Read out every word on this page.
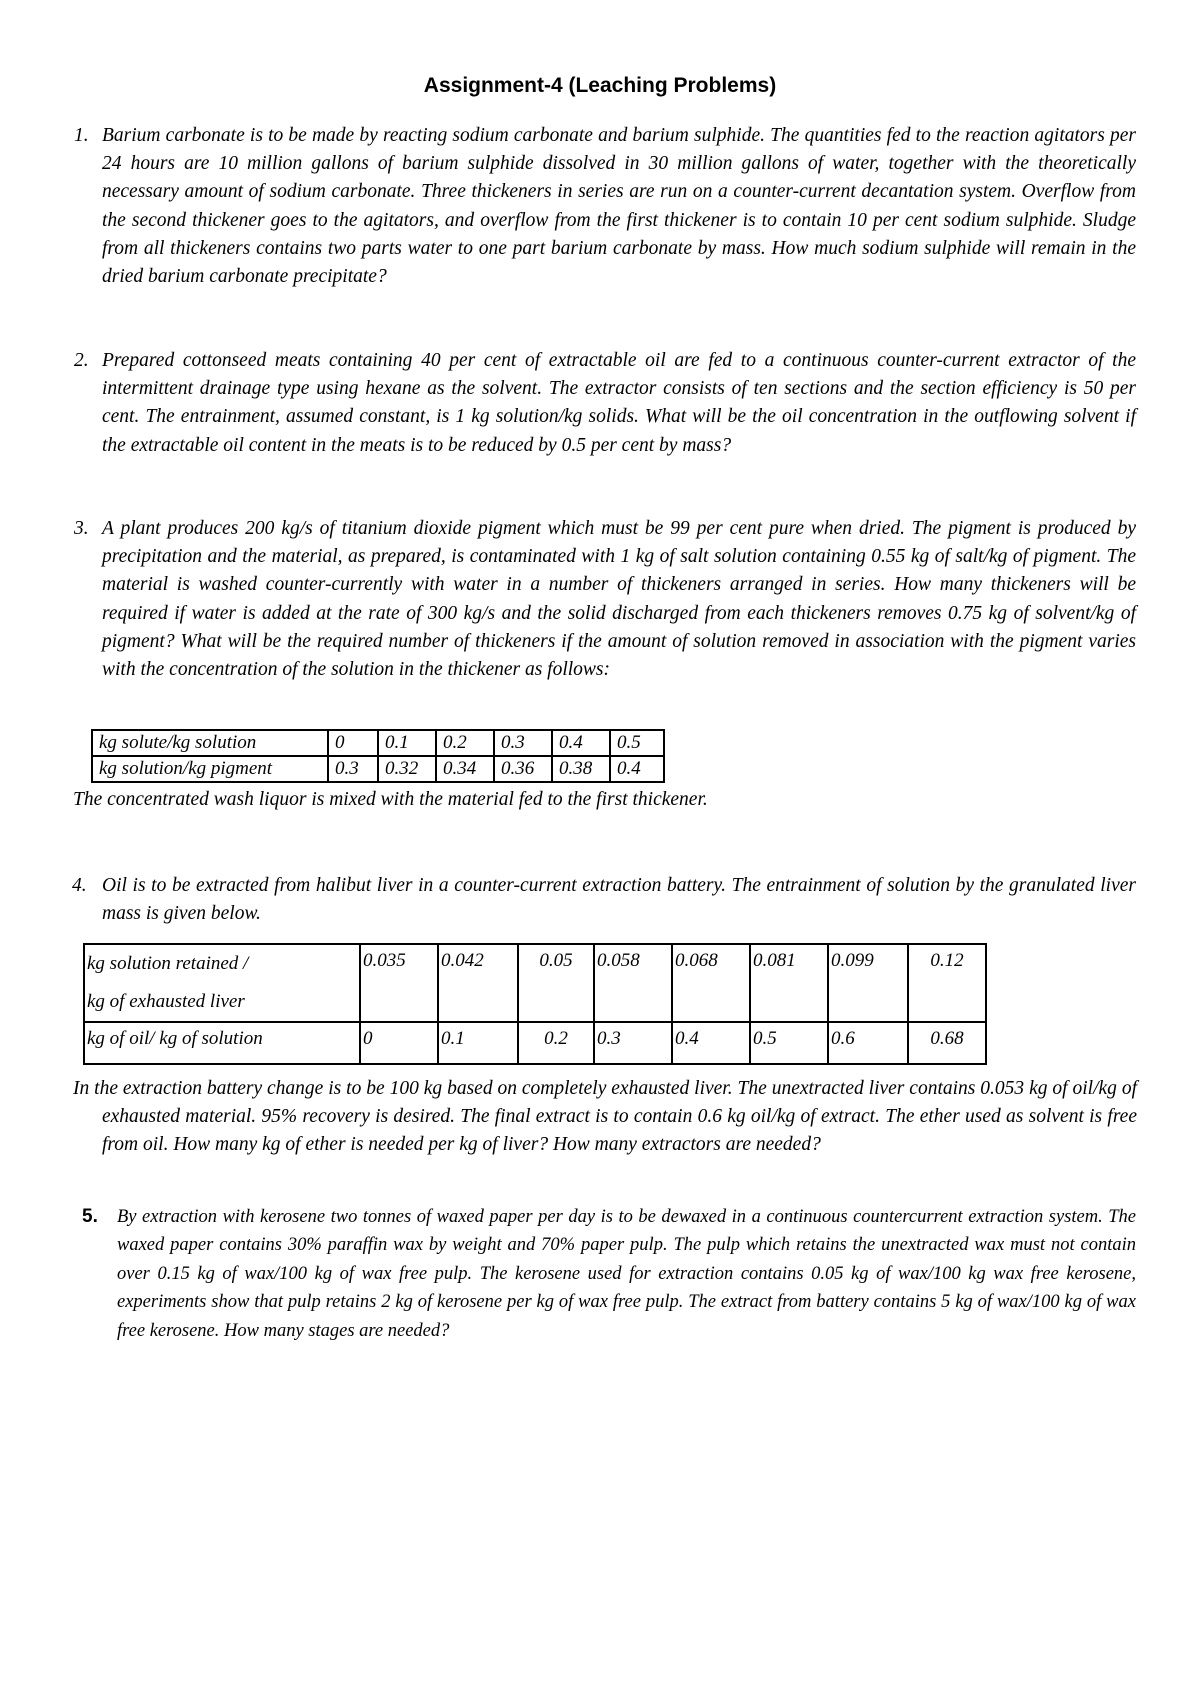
Assignment-4 (Leaching Problems)
1. Barium carbonate is to be made by reacting sodium carbonate and barium sulphide. The quantities fed to the reaction agitators per 24 hours are 10 million gallons of barium sulphide dissolved in 30 million gallons of water, together with the theoretically necessary amount of sodium carbonate. Three thickeners in series are run on a counter-current decantation system. Overflow from the second thickener goes to the agitators, and overflow from the first thickener is to contain 10 per cent sodium sulphide. Sludge from all thickeners contains two parts water to one part barium carbonate by mass. How much sodium sulphide will remain in the dried barium carbonate precipitate?
2. Prepared cottonseed meats containing 40 per cent of extractable oil are fed to a continuous counter-current extractor of the intermittent drainage type using hexane as the solvent. The extractor consists of ten sections and the section efficiency is 50 per cent. The entrainment, assumed constant, is 1 kg solution/kg solids. What will be the oil concentration in the outflowing solvent if the extractable oil content in the meats is to be reduced by 0.5 per cent by mass?
3. A plant produces 200 kg/s of titanium dioxide pigment which must be 99 per cent pure when dried. The pigment is produced by precipitation and the material, as prepared, is contaminated with 1 kg of salt solution containing 0.55 kg of salt/kg of pigment. The material is washed counter-currently with water in a number of thickeners arranged in series. How many thickeners will be required if water is added at the rate of 300 kg/s and the solid discharged from each thickeners removes 0.75 kg of solvent/kg of pigment? What will be the required number of thickeners if the amount of solution removed in association with the pigment varies with the concentration of the solution in the thickener as follows:
kg solute/kg solution	0	0.1	0.2	0.3	0.4	0.5
kg solution/kg pigment	0.3	0.32	0.34	0.36	0.38	0.4
The concentrated wash liquor is mixed with the material fed to the first thickener.
4. Oil is to be extracted from halibut liver in a counter-current extraction battery. The entrainment of solution by the granulated liver mass is given below.
kg solution retained /
kg of exhausted liver	0.035	0.042	0.05	0.058	0.068	0.081	0.099	0.12
kg of oil/ kg of solution	0	0.1	0.2	0.3	0.4	0.5	0.6	0.68
In the extraction battery change is to be 100 kg based on completely exhausted liver. The unextracted liver contains 0.053 kg of oil/kg of exhausted material. 95% recovery is desired. The final extract is to contain 0.6 kg oil/kg of extract. The ether used as solvent is free from oil. How many kg of ether is needed per kg of liver? How many extractors are needed?
5. By extraction with kerosene two tonnes of waxed paper per day is to be dewaxed in a continuous countercurrent extraction system. The waxed paper contains 30% paraffin wax by weight and 70% paper pulp. The pulp which retains the unextracted wax must not contain over 0.15 kg of wax/100 kg of wax free pulp. The kerosene used for extraction contains 0.05 kg of wax/100 kg wax free kerosene, experiments show that pulp retains 2 kg of kerosene per kg of wax free pulp. The extract from battery contains 5 kg of wax/100 kg of wax free kerosene. How many stages are needed?
